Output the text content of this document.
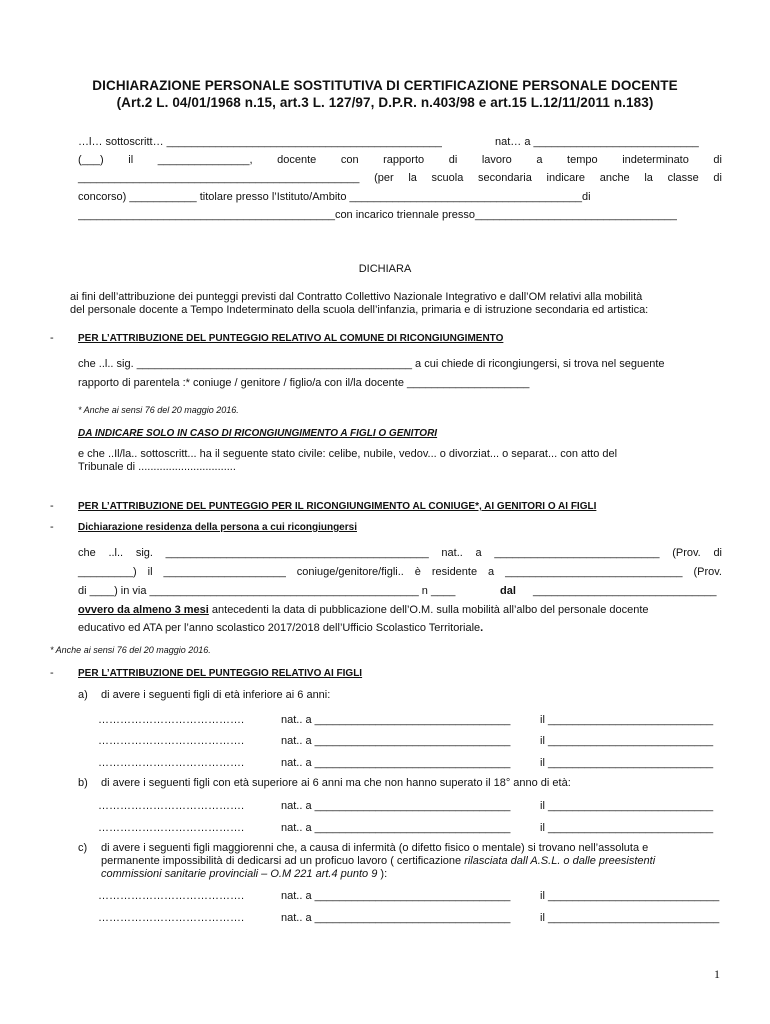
DICHIARAZIONE PERSONALE SOSTITUTIVA DI CERTIFICAZIONE PERSONALE DOCENTE
(Art.2 L. 04/01/1968 n.15, art.3 L. 127/97, D.P.R. n.403/98 e art.15 L.12/11/2011 n.183)
…l… sottoscritt… _____________________________________________	nat… a ___________________________
(___) il _______________, docente con rapporto di lavoro a tempo indeterminato di
______________________________________________ (per la scuola secondaria indicare anche la classe di
concorso) ___________ titolare presso l’Istituto/Ambito ______________________________________di
__________________________________________con incarico triennale presso_________________________________
DICHIARA
ai fini dell’attribuzione dei punteggi previsti dal Contratto Collettivo Nazionale Integrativo e dall’OM relativi alla mobilità
del personale docente a Tempo Indeterminato della scuola dell’infanzia, primaria e di istruzione secondaria ed artistica:
- PER L’ATTRIBUZIONE DEL PUNTEGGIO RELATIVO AL COMUNE DI RICONGIUNGIMENTO
che ..l.. sig. _____________________________________________ a cui chiede di ricongiungersi, si trova nel seguente
rapporto di parentela :* coniuge / genitore / figlio/a con il/la docente ____________________
* Anche ai sensi 76 del 20 maggio 2016.
DA INDICARE SOLO IN CASO DI RICONGIUNGIMENTO A FIGLI O GENITORI
e che ..Il/la.. sottoscritt... ha il seguente stato civile: celibe, nubile, vedov... o divorziat... o separat... con atto del
Tribunale di ................................
- PER L’ATTRIBUZIONE DEL PUNTEGGIO PER IL RICONGIUNGIMENTO AL CONIUGE*, AI GENITORI O AI FIGLI
- Dichiarazione residenza della persona a cui ricongiungersi
che ..l.. sig. ___________________________________________ nat.. a ___________________________ (Prov. di
_________) il ____________________ coniuge/genitore/figli.. è residente a _____________________________ (Prov.
di ____) in via ____________________________________________ n ____	dal ______________________________
ovvero da almeno 3 mesi antecedenti la data di pubblicazione dell’O.M. sulla mobilità all’albo del personale docente
educativo ed ATA per l’anno scolastico 2017/2018 dell’Ufficio Scolastico Territoriale.
* Anche ai sensi 76 del 20 maggio 2016.
- PER L’ATTRIBUZIONE DEL PUNTEGGIO RELATIVO AI FIGLI
a) di avere i seguenti figli di età inferiore ai 6 anni:
………………………………….	nat.. a ________________________________	il ___________________________
………………………………….	nat.. a ________________________________	il ___________________________
………………………………….	nat.. a ________________________________	il ___________________________
b) di avere i seguenti figli con età superiore ai 6 anni ma che non hanno superato il 18° anno di età:
………………………………….	nat.. a ________________________________	il ___________________________
………………………………….	nat.. a ________________________________	il ___________________________
c) di avere i seguenti figli maggiorenni che, a causa di infermità (o difetto fisico o mentale) si trovano nell’assoluta e
permanente impossibilità di dedicarsi ad un proficuo lavoro ( certificazione rilasciata dall A.S.L. o dalle preesistenti
commissioni sanitarie provinciali – O.M 221 art.4 punto 9 ):
………………………………….	nat.. a ________________________________	il ____________________________
………………………………….	nat.. a ________________________________	il ____________________________
1
